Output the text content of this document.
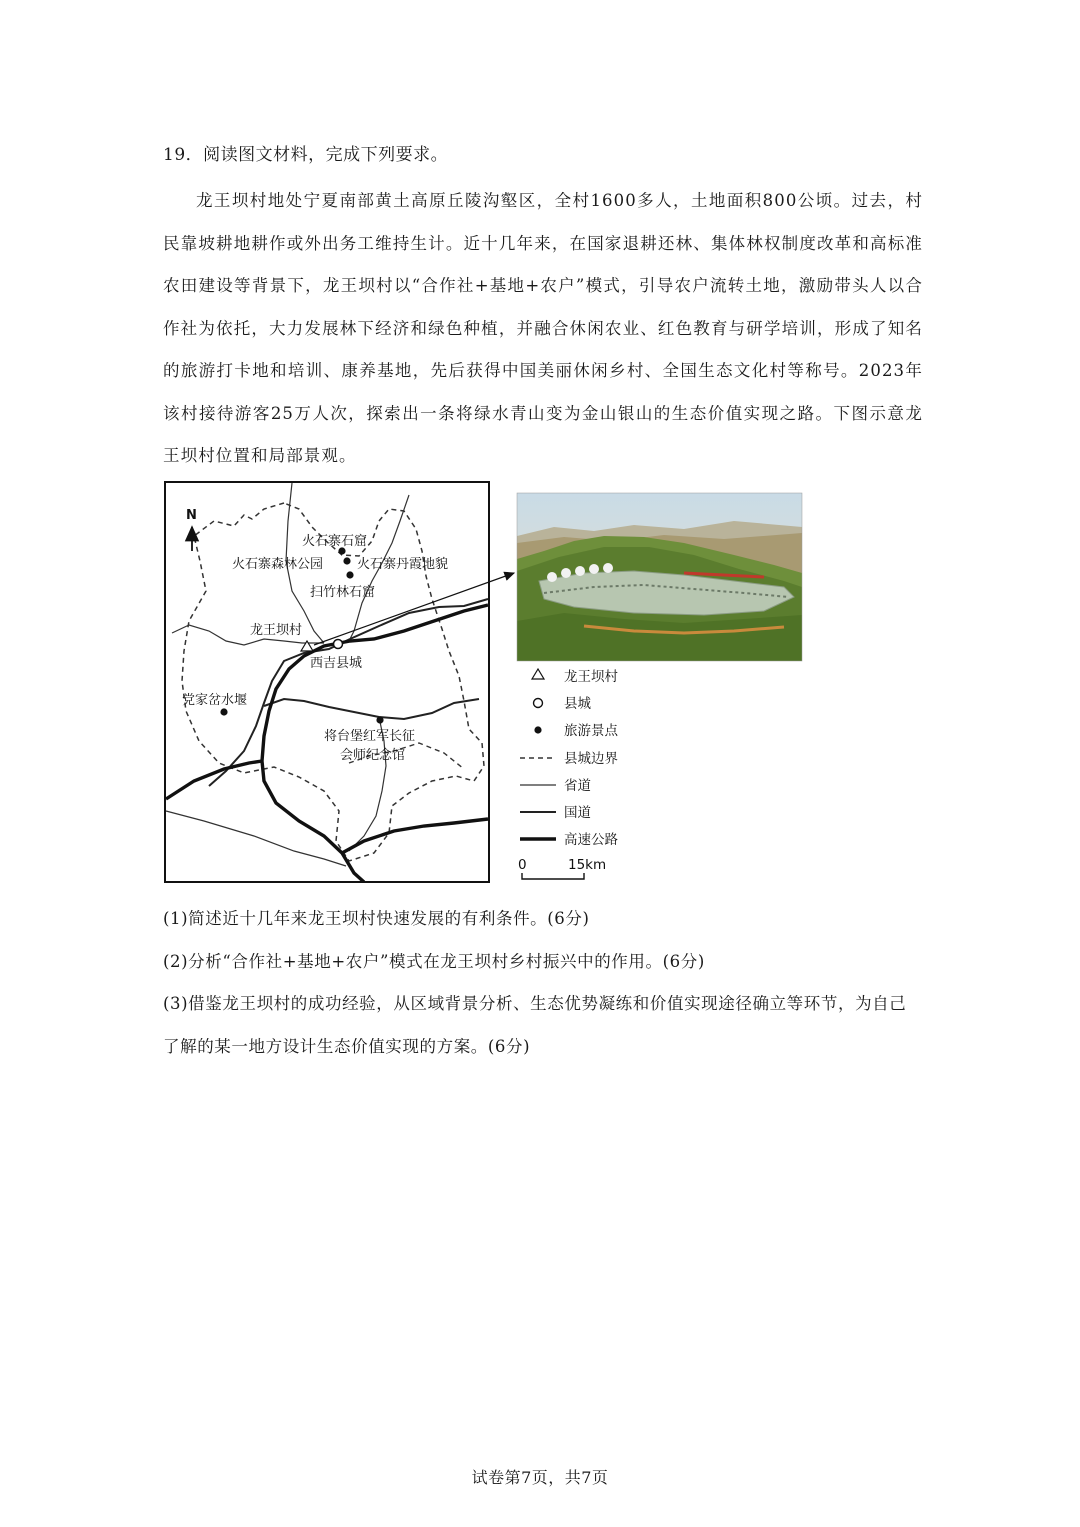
19．阅读图文材料，完成下列要求。

龙王坝村地处宁夏南部黄土高原丘陵沟壑区，全村1600多人，土地面积800公顷。过去，村民靠坡耕地耕作或外出务工维持生计。近十几年来，在国家退耕还林、集体林权制度改革和高标准农田建设等背景下，龙王坝村以“合作社+基地+农户”模式，引导农户流转土地，激励带头人以合作社为依托，大力发展林下经济和绿色种植，并融合休闲农业、红色教育与研学培训，形成了知名的旅游打卡地和培训、康养基地，先后获得中国美丽休闲乡村、全国生态文化村等称号。2023年该村接待游客25万人次，探索出一条将绿水青山变为金山银山的生态价值实现之路。下图示意龙王坝村位置和局部景观。

N
火石寨石窟
火石寨森林公园	火石寨丹霞地貌
扫竹林石窟
龙王坝村
西吉县城
党家岔水堰
将台堡红军长征
会师纪念馆
龙王坝村
县城
旅游景点
县城边界
省道
国道
高速公路
0	15km

(1)简述近十几年来龙王坝村快速发展的有利条件。(6分)

(2)分析“合作社+基地+农户”模式在龙王坝村乡村振兴中的作用。(6分)

(3)借鉴龙王坝村的成功经验，从区域背景分析、生态优势凝练和价值实现途径确立等环节，为自己了解的某一地方设计生态价值实现的方案。(6分)

试卷第7页，共7页
